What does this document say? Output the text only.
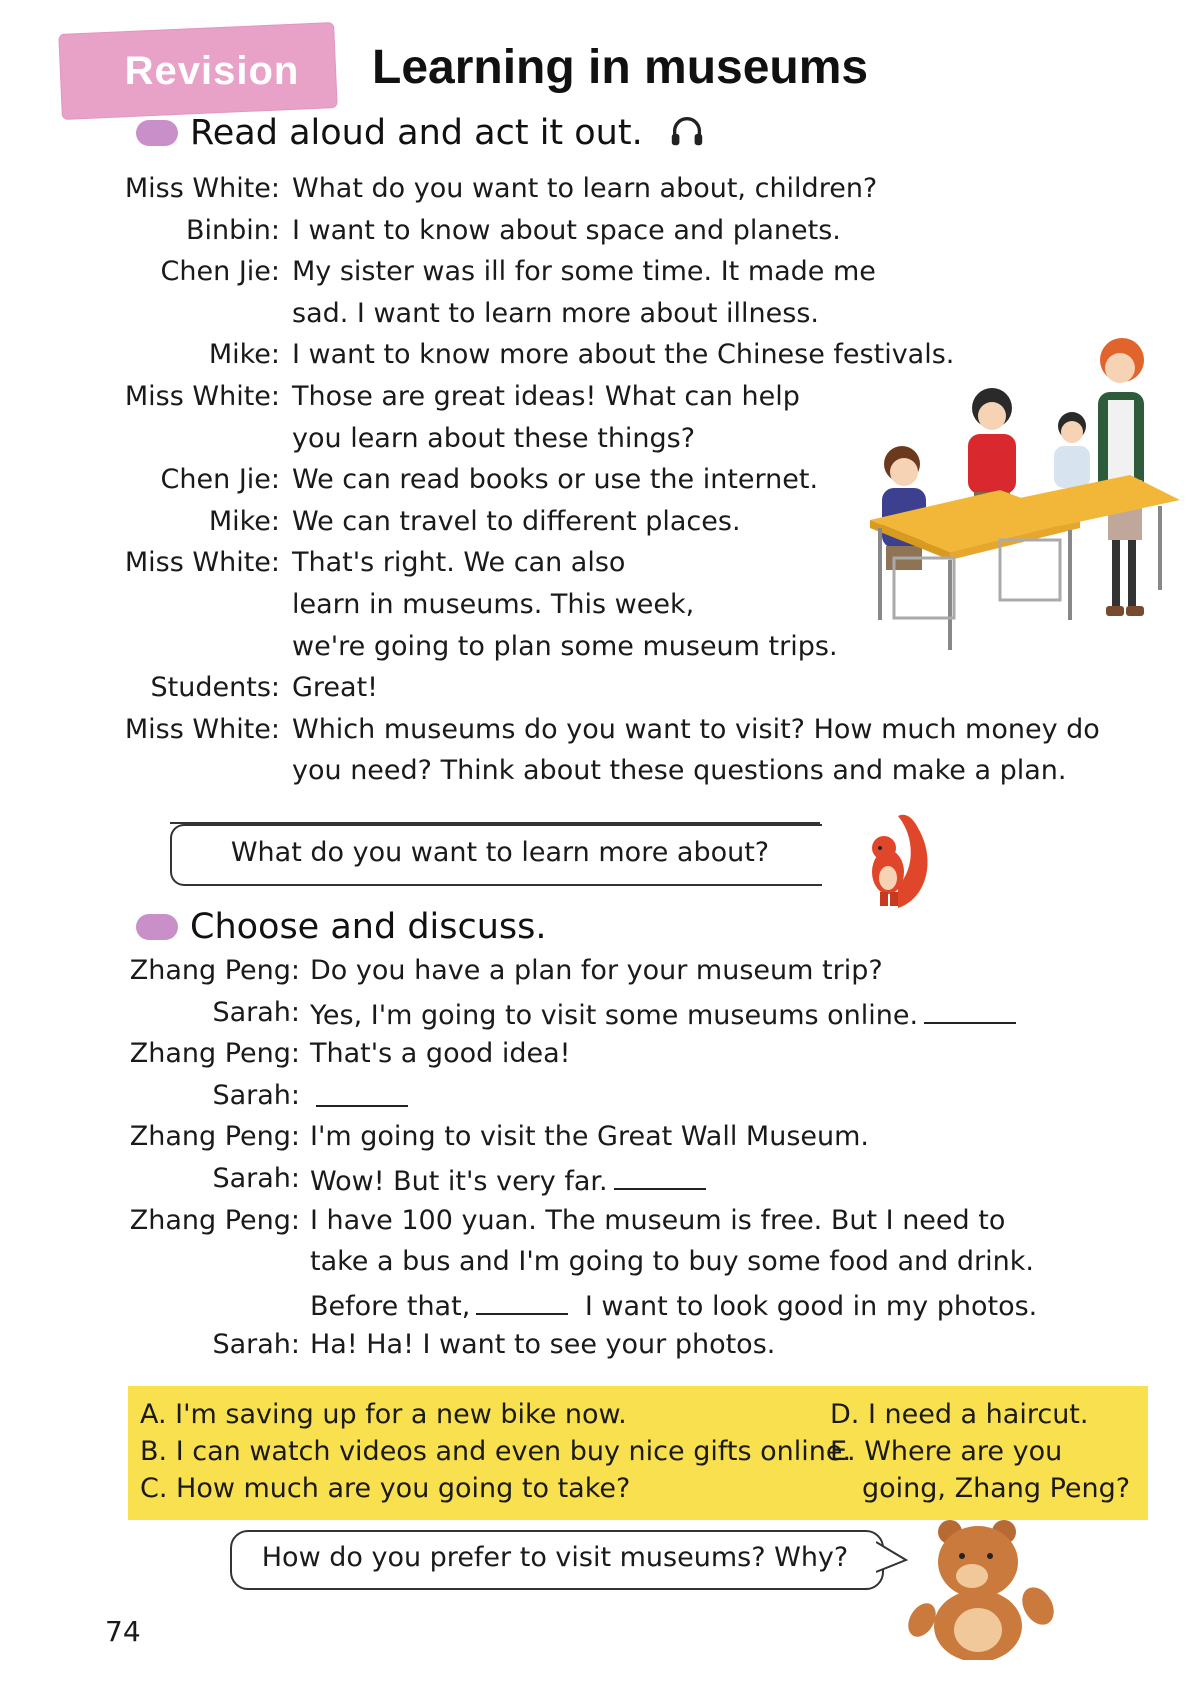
Revision	Learning in museums
Read aloud and act it out.
Miss White: What do you want to learn about, children?
Binbin: I want to know about space and planets.
Chen Jie: My sister was ill for some time. It made me
sad. I want to learn more about illness.
Mike: I want to know more about the Chinese festivals.
Miss White: Those are great ideas! What can help
you learn about these things?
Chen Jie: We can read books or use the internet.
Mike: We can travel to different places.
Miss White: That's right. We can also
learn in museums. This week,
we're going to plan some museum trips.
Students: Great!
Miss White: Which museums do you want to visit? How much money do
you need? Think about these questions and make a plan.
What do you want to learn more about?
Choose and discuss.
Zhang Peng: Do you have a plan for your museum trip?
Sarah: Yes, I'm going to visit some museums online.
Zhang Peng: That's a good idea!
Sarah:
Zhang Peng: I'm going to visit the Great Wall Museum.
Sarah: Wow! But it's very far.
Zhang Peng: I have 100 yuan. The museum is free. But I need to
take a bus and I'm going to buy some food and drink.
Before that,	I want to look good in my photos.
Sarah: Ha! Ha! I want to see your photos.
A. I'm saving up for a new bike now.
B. I can watch videos and even buy nice gifts online.
C. How much are you going to take?
D. I need a haircut.
E. Where are you
going, Zhang Peng?
How do you prefer to visit museums? Why?
74
